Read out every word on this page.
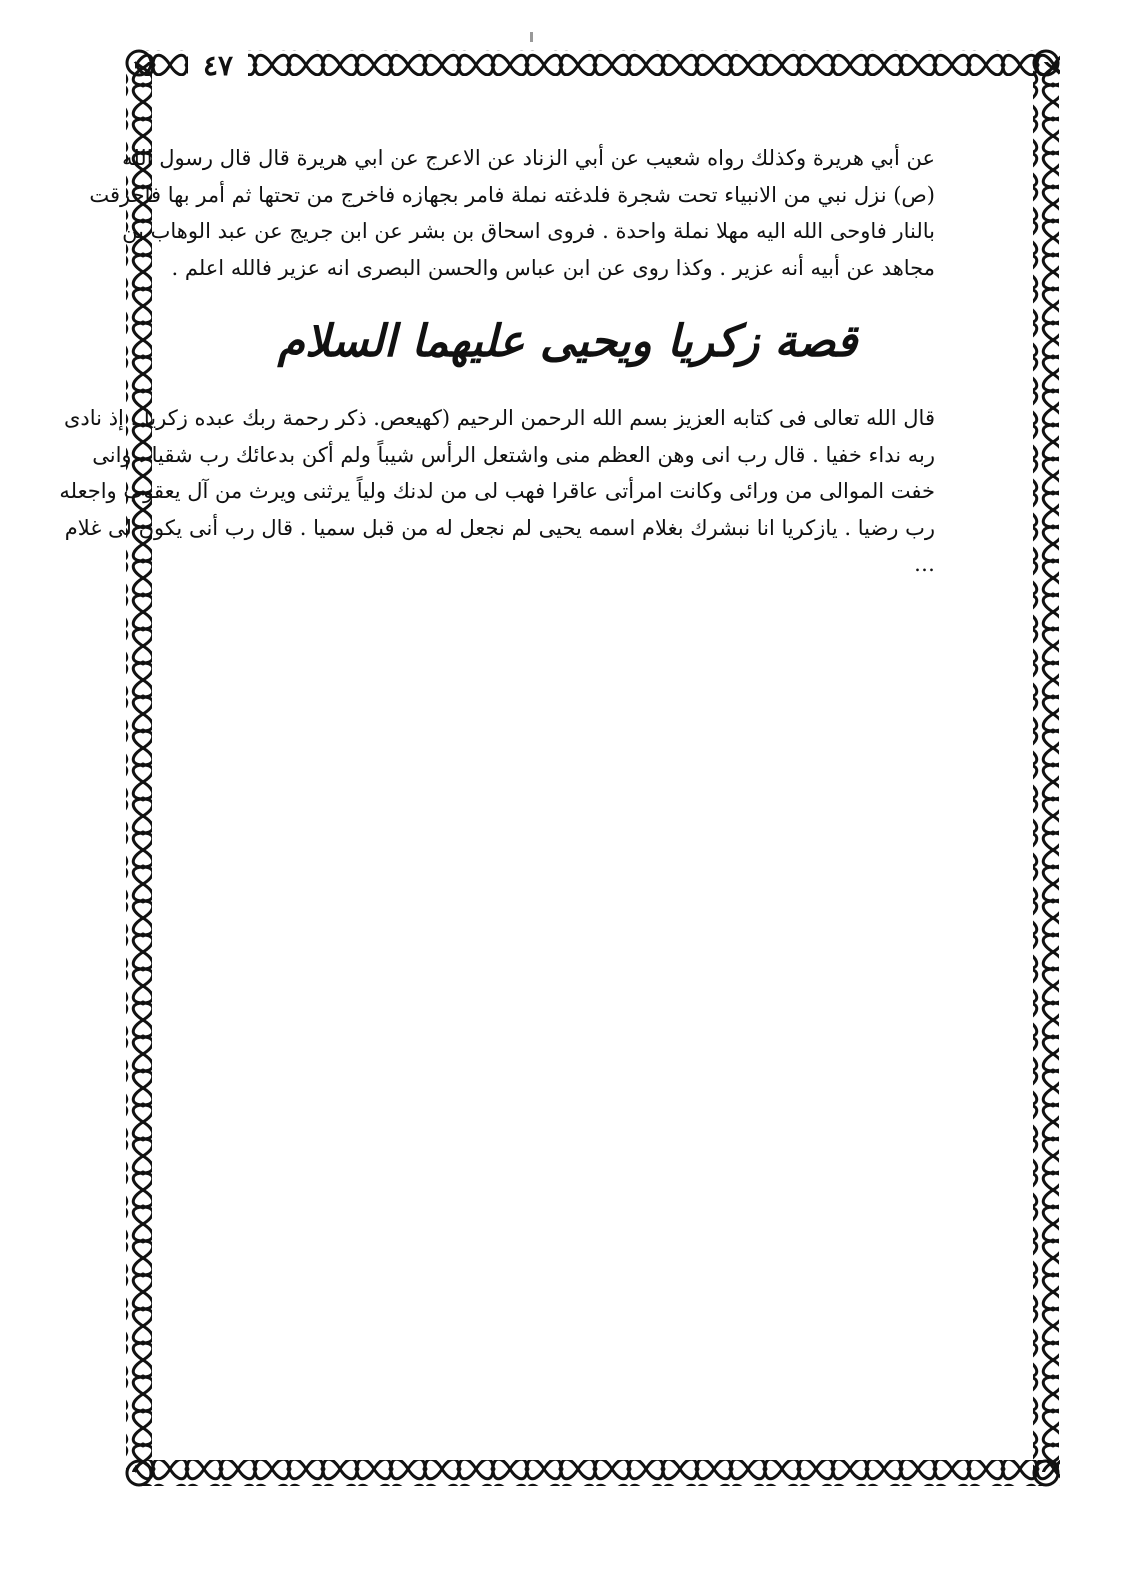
٤٧
عن أبي هريرة وكذلك رواه شعيب عن أبي الزناد عن الاعرج عن ابي هريرة قال قال رسول الله
(ص) نزل نبي من الانبياء تحت شجرة فلدغته نملة فامر بجهازه فاخرج من تحتها ثم أمر بها فاحرقت
بالنار فاوحى الله اليه مهلا نملة واحدة . فروى اسحاق بن بشر عن ابن جريج عن عبد الوهاب بن
مجاهد عن أبيه أنه عزير . وكذا روى عن ابن عباس والحسن البصرى انه عزير فالله اعلم .
قصة زكريا ويحيى عليهما السلام
قال الله تعالى فى كتابه العزيز بسم الله الرحمن الرحيم (كهيعص. ذكر رحمة ربك عبده زكريا . إذ نادى
ربه نداء خفيا . قال رب انى وهن العظم منى واشتعل الرأس شيباً ولم أكن بدعائك رب شقيا . وانى
خفت الموالى من ورائى وكانت امرأتى عاقرا فهب لى من لدنك ولياً يرثنى ويرث من آل يعقوب واجعله
رب رضيا . يازكريا انا نبشرك بغلام اسمه يحيى لم نجعل له من قبل سميا . قال رب أنى يكون لى غلام
…
